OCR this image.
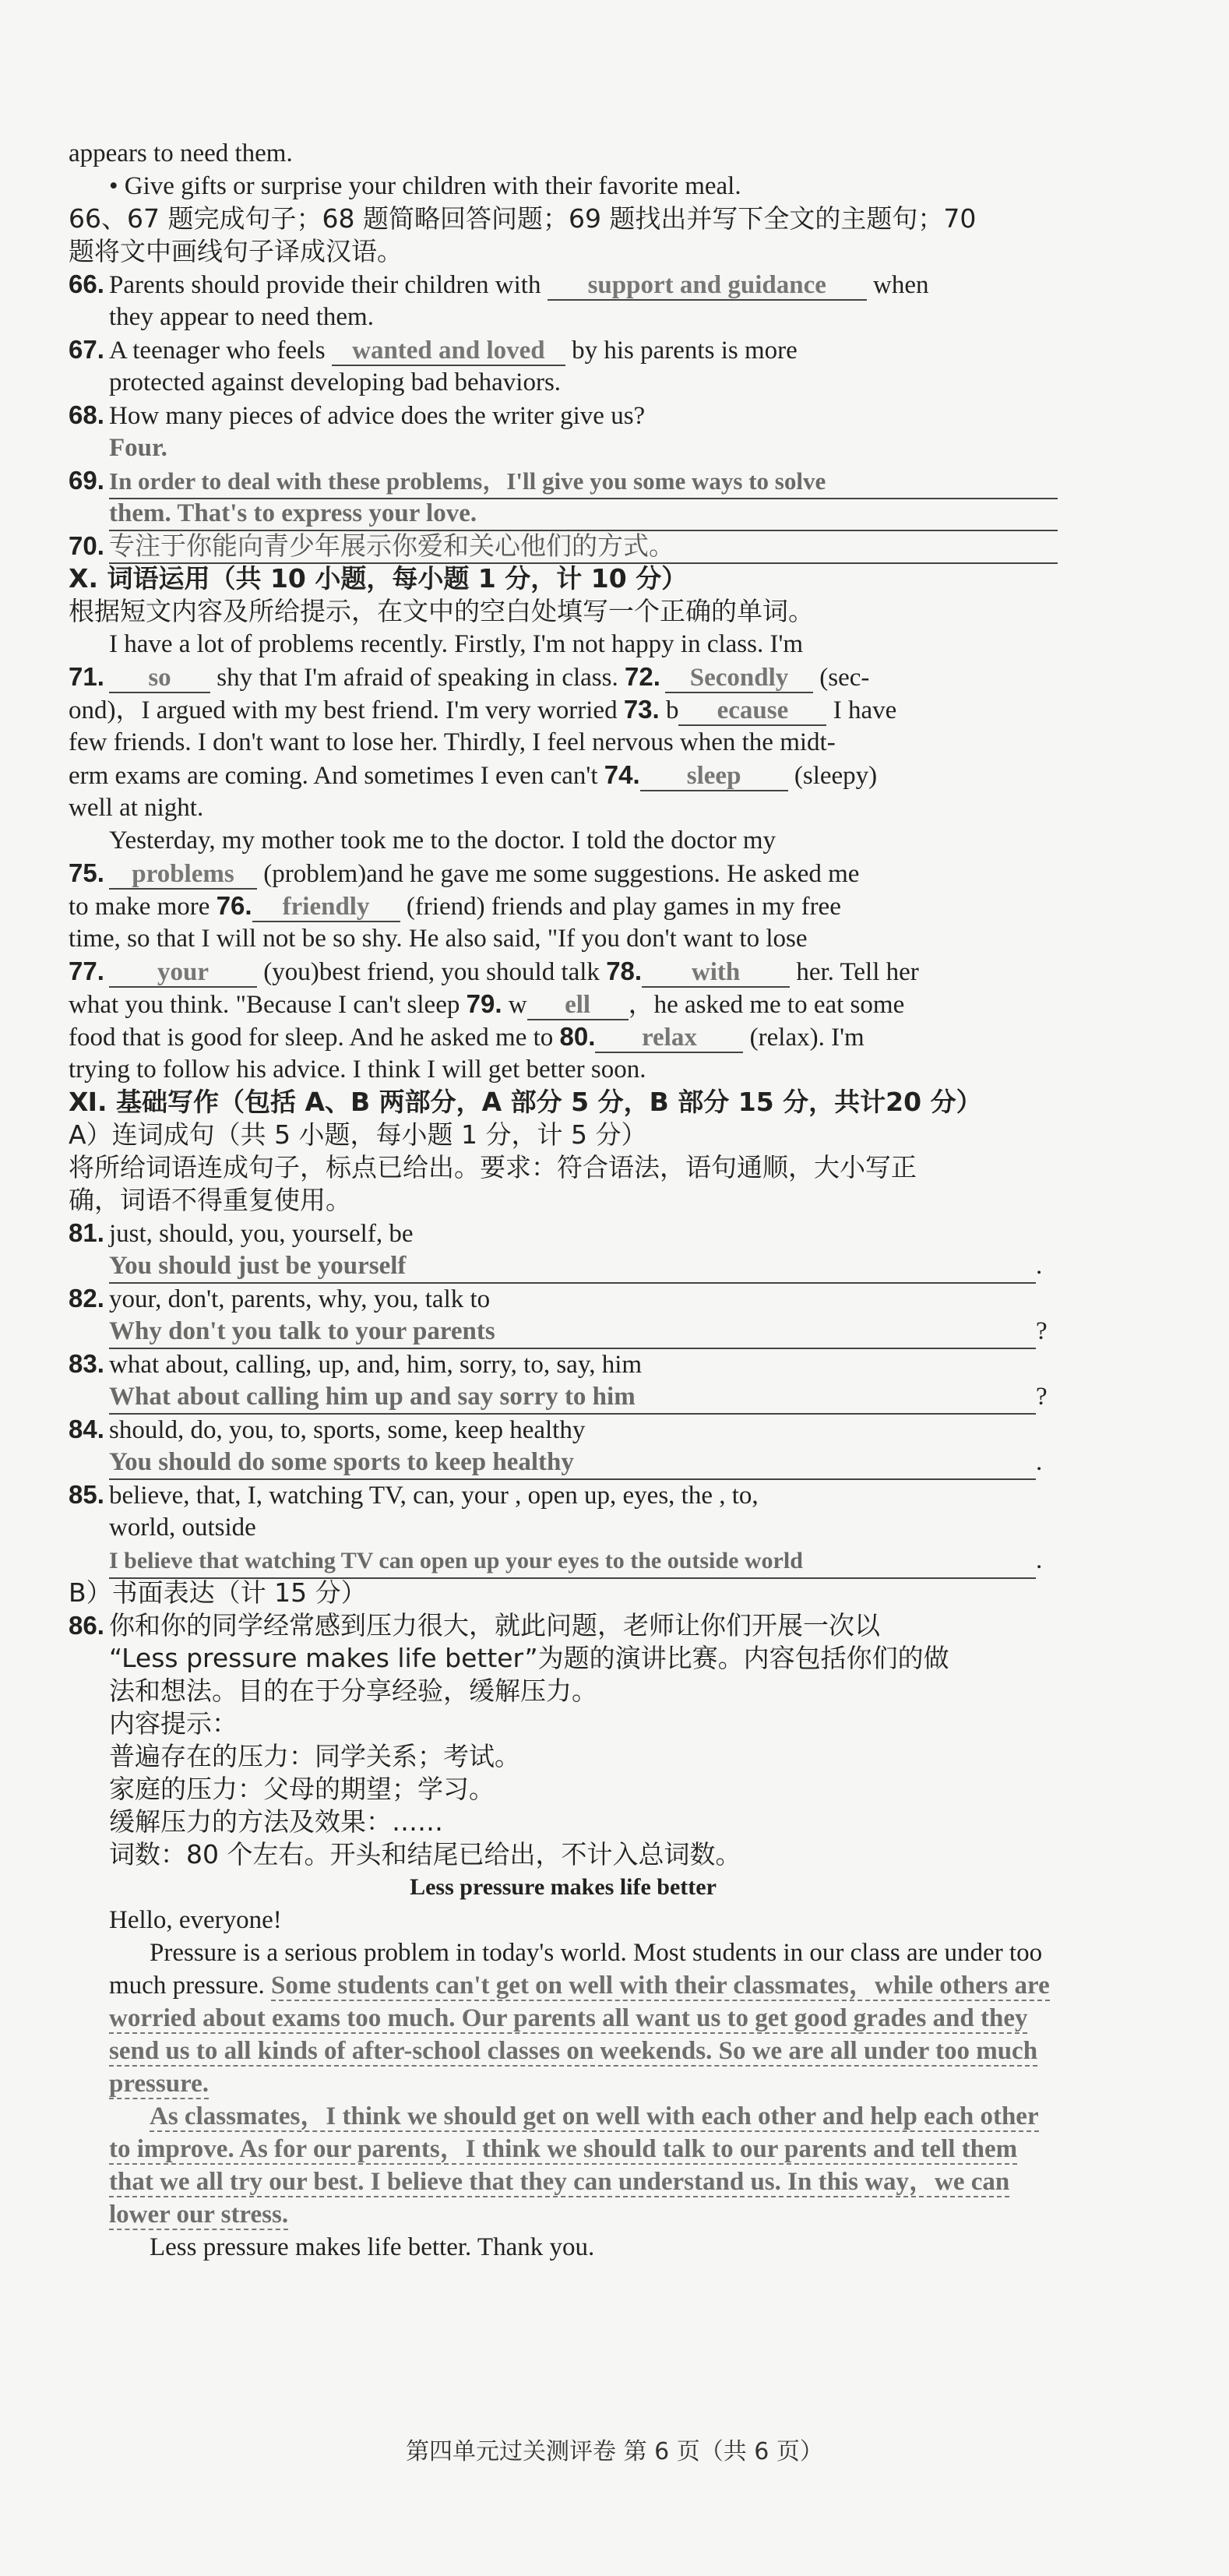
appears to need them.
• Give gifts or surprise your children with their favorite meal.
66、67 题完成句子；68 题简略回答问题；69 题找出并写下全文的主题句；70
题将文中画线句子译成汉语。
66. Parents should provide their children with support and guidance when
they appear to need them.
67. A teenager who feels wanted and loved by his parents is more
protected against developing bad behaviors.
68. How many pieces of advice does the writer give us?
Four.
69. In order to deal with these problems，I'll give you some ways to solve
them. That's to express your love.
70. 专注于你能向青少年展示你爱和关心他们的方式。
Ⅹ. 词语运用（共 10 小题，每小题 1 分，计 10 分）
根据短文内容及所给提示，在文中的空白处填写一个正确的单词。
I have a lot of problems recently. Firstly, I'm not happy in class. I'm
71. so shy that I'm afraid of speaking in class. 72. Secondly (sec-
ond)，I argued with my best friend. I'm very worried 73. b ecause I have
few friends. I don't want to lose her. Thirdly, I feel nervous when the midt-
erm exams are coming. And sometimes I even can't 74. sleep (sleepy)
well at night.
Yesterday, my mother took me to the doctor. I told the doctor my
75. problems (problem)and he gave me some suggestions. He asked me
to make more 76. friendly (friend) friends and play games in my free
time, so that I will not be so shy. He also said, "If you don't want to lose
77. your (you)best friend, you should talk 78. with her. Tell her
what you think. "Because I can't sleep 79. w ell ，he asked me to eat some
food that is good for sleep. And he asked me to 80. relax (relax). I'm
trying to follow his advice. I think I will get better soon.
Ⅺ. 基础写作（包括 A、B 两部分，A 部分 5 分，B 部分 15 分，共计20 分）
A）连词成句（共 5 小题，每小题 1 分，计 5 分）
将所给词语连成句子，标点已给出。要求：符合语法，语句通顺，大小写正
确，词语不得重复使用。
81. just, should, you, yourself, be
You should just be yourself	.
82. your, don't, parents, why, you, talk to
Why don't you talk to your parents	?
83. what about, calling, up, and, him, sorry, to, say, him
What about calling him up and say sorry to him	?
84. should, do, you, to, sports, some, keep healthy
You should do some sports to keep healthy	.
85. believe, that, I, watching TV, can, your , open up, eyes, the , to,
world, outside
I believe that watching TV can open up your eyes to the outside world	.
B）书面表达（计 15 分）
86. 你和你的同学经常感到压力很大，就此问题，老师让你们开展一次以
“Less pressure makes life better”为题的演讲比赛。内容包括你们的做
法和想法。目的在于分享经验，缓解压力。
内容提示：
普遍存在的压力：同学关系；考试。
家庭的压力：父母的期望；学习。
缓解压力的方法及效果：……
词数：80 个左右。开头和结尾已给出，不计入总词数。
Less pressure makes life better

Hello, everyone!

Pressure is a serious problem in today's world. Most students in our class are under too much pressure. Some students can't get on well with their classmates，while others are worried about exams too much. Our parents all want us to get good grades and they send us to all kinds of after-school classes on weekends. So we are all under too much pressure.

As classmates，I think we should get on well with each other and help each other to improve. As for our parents，I think we should talk to our parents and tell them that we all try our best. I believe that they can understand us. In this way，we can lower our stress.

Less pressure makes life better. Thank you.

第四单元过关测评卷 第 6 页（共 6 页）
